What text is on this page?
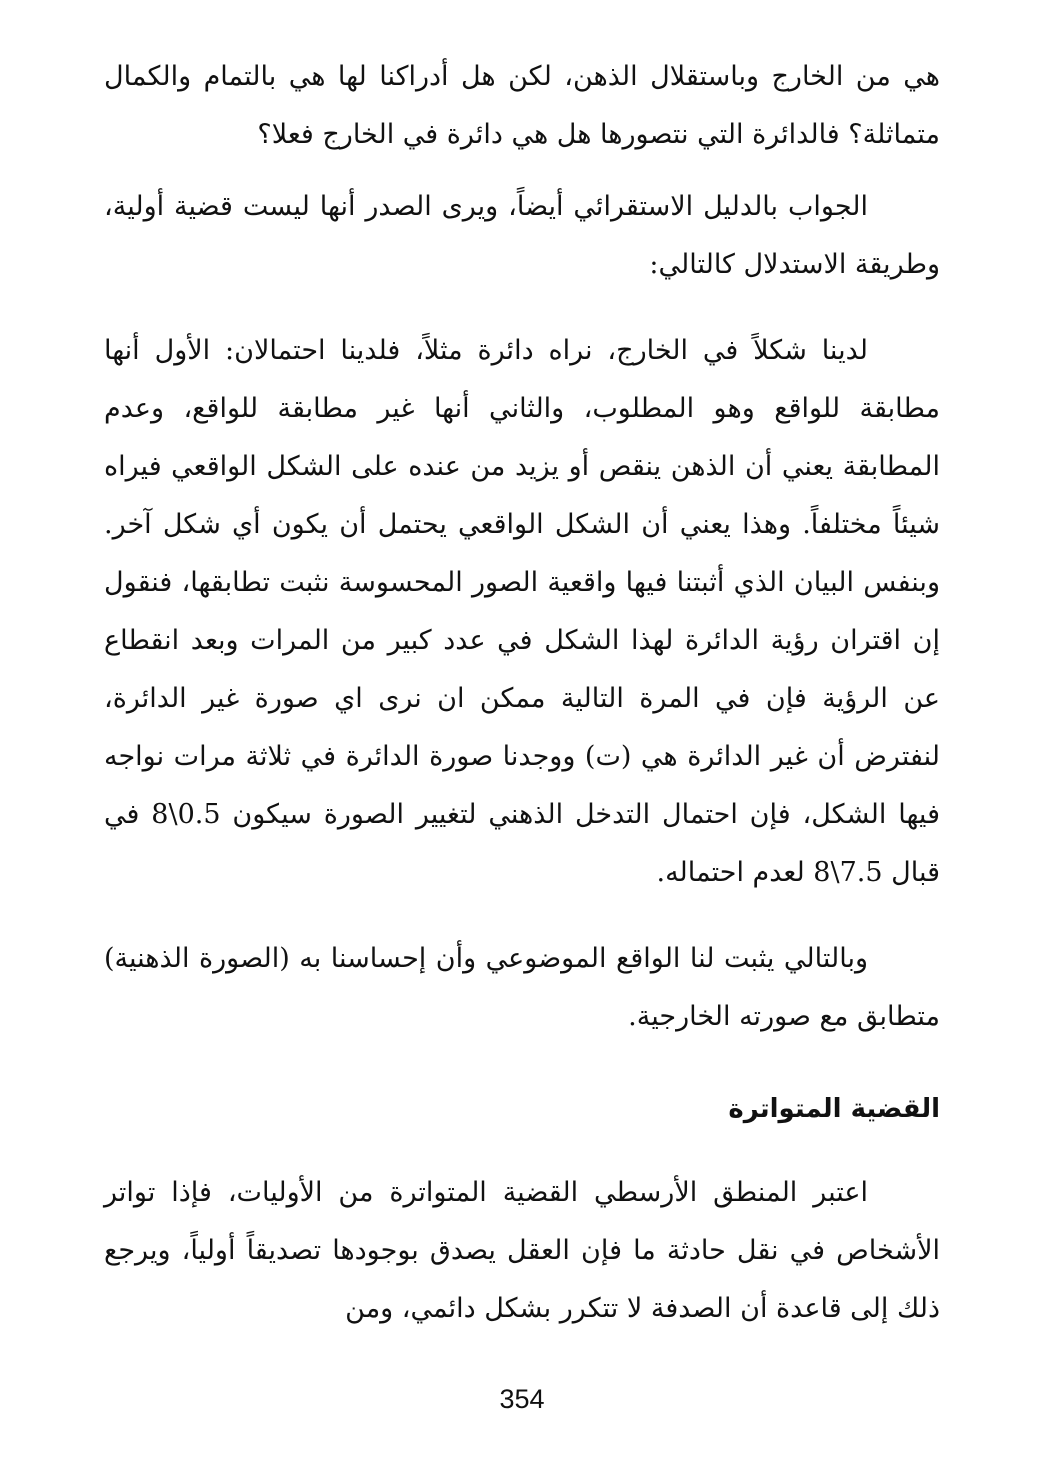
هي من الخارج وباستقلال الذهن، لكن هل أدراكنا لها هي بالتمام والكمال متماثلة؟ فالدائرة التي نتصورها هل هي دائرة في الخارج فعلا؟

الجواب بالدليل الاستقرائي أيضاً، ويرى الصدر أنها ليست قضية أولية، وطريقة الاستدلال كالتالي:

لدينا شكلاً في الخارج، نراه دائرة مثلاً، فلدينا احتمالان: الأول أنها مطابقة للواقع وهو المطلوب، والثاني أنها غير مطابقة للواقع، وعدم المطابقة يعني أن الذهن ينقص أو يزيد من عنده على الشكل الواقعي فيراه شيئاً مختلفاً. وهذا يعني أن الشكل الواقعي يحتمل أن يكون أي شكل آخر. وبنفس البيان الذي أثبتنا فيها واقعية الصور المحسوسة نثبت تطابقها، فنقول إن اقتران رؤية الدائرة لهذا الشكل في عدد كبير من المرات وبعد انقطاع عن الرؤية فإن في المرة التالية ممكن ان نرى اي صورة غير الدائرة، لنفترض أن غير الدائرة هي (ت) ووجدنا صورة الدائرة في ثلاثة مرات نواجه فيها الشكل، فإن احتمال التدخل الذهني لتغيير الصورة سيكون 0.5\8 في قبال 7.5\8 لعدم احتماله.

وبالتالي يثبت لنا الواقع الموضوعي وأن إحساسنا به (الصورة الذهنية) متطابق مع صورته الخارجية.

القضية المتواترة

اعتبر المنطق الأرسطي القضية المتواترة من الأوليات، فإذا تواتر الأشخاص في نقل حادثة ما فإن العقل يصدق بوجودها تصديقاً أولياً، ويرجع ذلك إلى قاعدة أن الصدفة لا تتكرر بشكل دائمي، ومن

354
